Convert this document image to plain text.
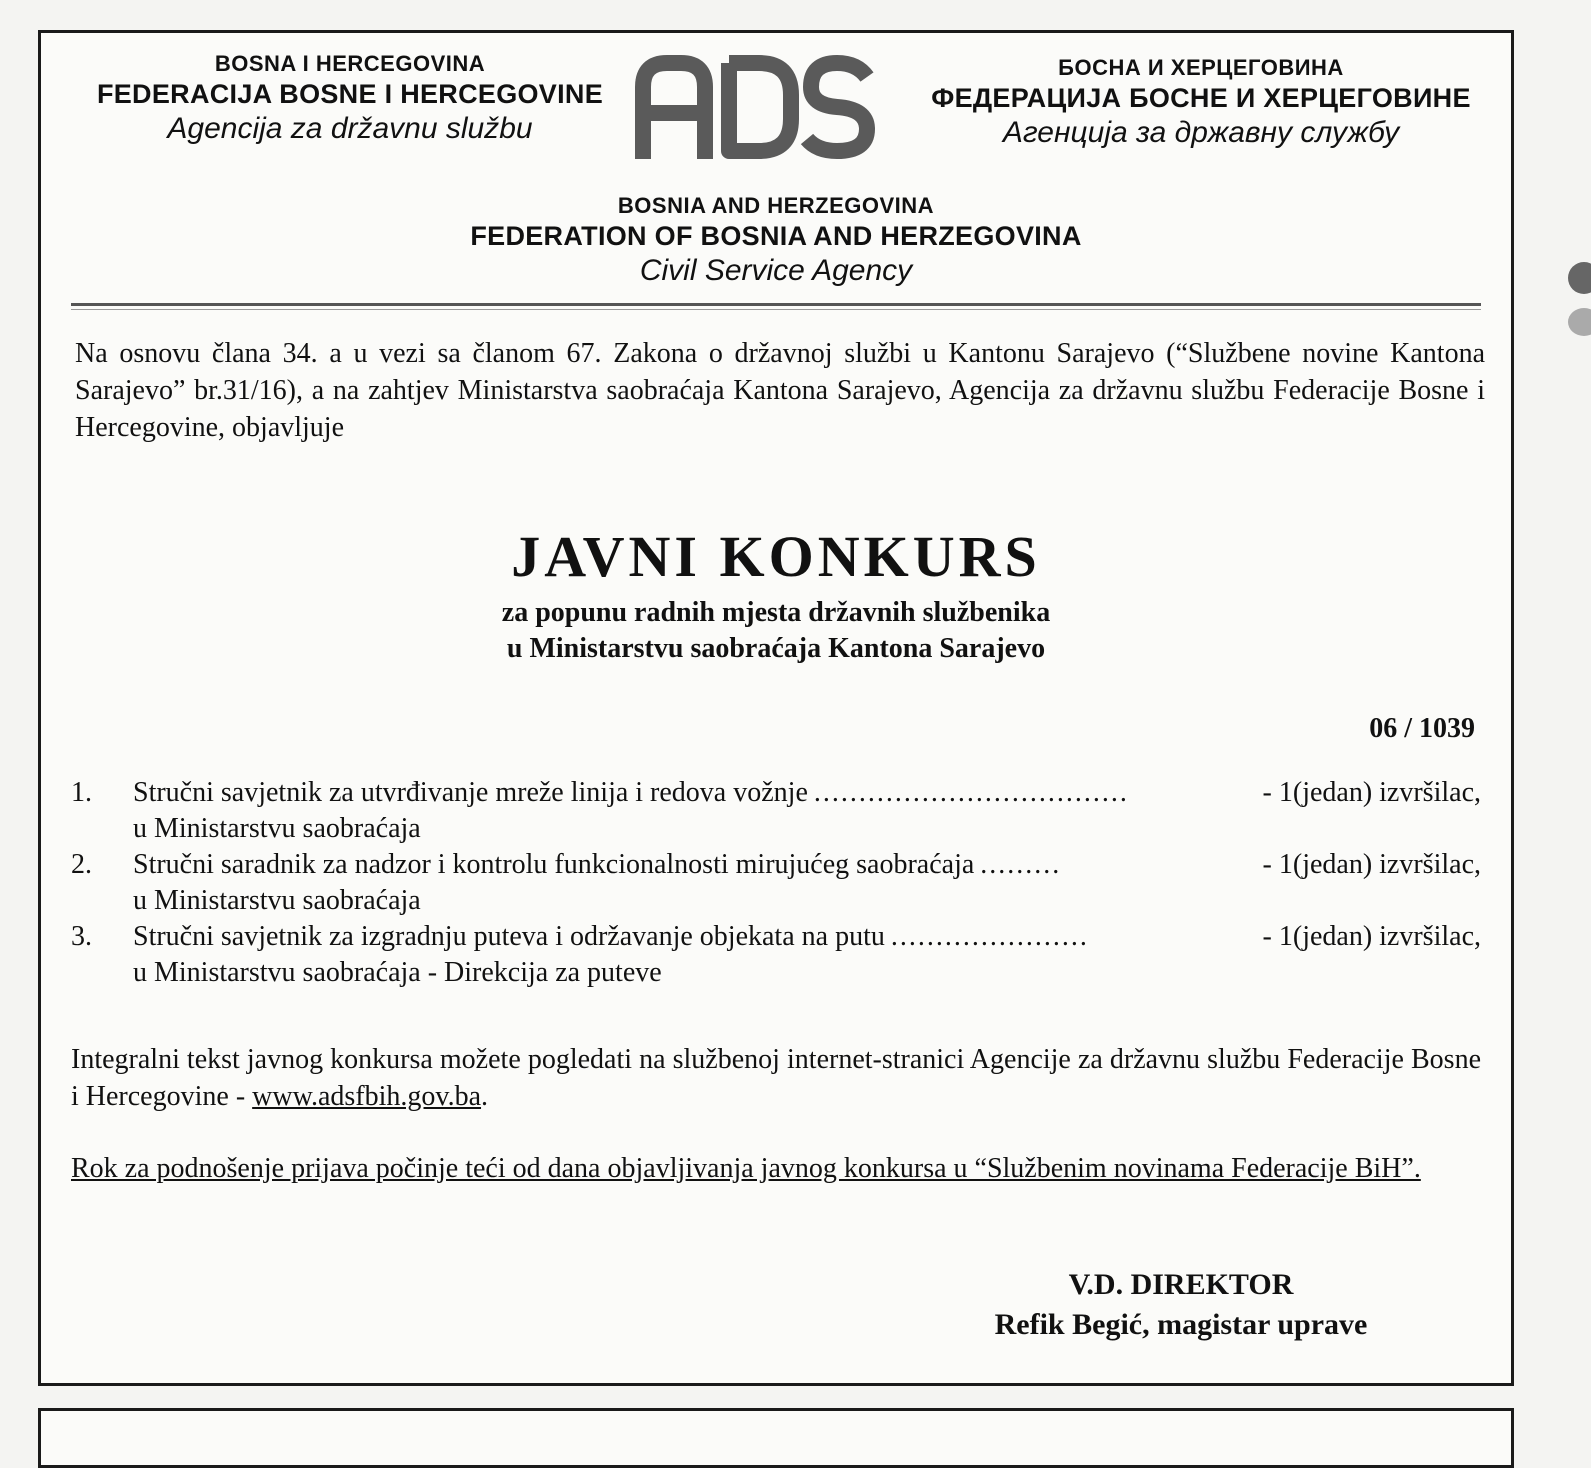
BOSNA I HERCEGOVINA
FEDERACIJA BOSNE I HERCEGOVINE
Agencija za državnu službu
БОСНА И ХЕРЦЕГОВИНА
ФЕДЕРАЦИЈА БОСНЕ И ХЕРЦЕГОВИНЕ
Агенција за државну службу
BOSNIA AND HERZEGOVINA
FEDERATION OF BOSNIA AND HERZEGOVINA
Civil Service Agency
Na osnovu člana 34. a u vezi sa članom 67. Zakona o državnoj službi u Kantonu Sarajevo (“Službene novine Kantona Sarajevo” br.31/16), a na zahtjev Ministarstva saobraćaja Kantona Sarajevo, Agencija za državnu službu Federacije Bosne i Hercegovine, objavljuje
JAVNI KONKURS
za popunu radnih mjesta državnih službenika
u Ministarstvu saobraćaja Kantona Sarajevo
06 / 1039
1. Stručni savjetnik za utvrđivanje mreže linija i redova vožnje ...................................	- 1(jedan) izvršilac,
u Ministarstvu saobraćaja
2. Stručni saradnik za nadzor i kontrolu funkcionalnosti mirujućeg saobraćaja .........	- 1(jedan) izvršilac,
u Ministarstvu saobraćaja
3. Stručni savjetnik za izgradnju puteva i održavanje objekata na putu ......................	- 1(jedan) izvršilac,
u Ministarstvu saobraćaja - Direkcija za puteve
Integralni tekst javnog konkursa možete pogledati na službenoj internet-stranici Agencije za državnu službu Federacije Bosne i Hercegovine - www.adsfbih.gov.ba.
Rok za podnošenje prijava počinje teći od dana objavljivanja javnog konkursa u “Službenim novinama Federacije BiH”.
V.D. DIREKTOR
Refik Begić, magistar uprave
